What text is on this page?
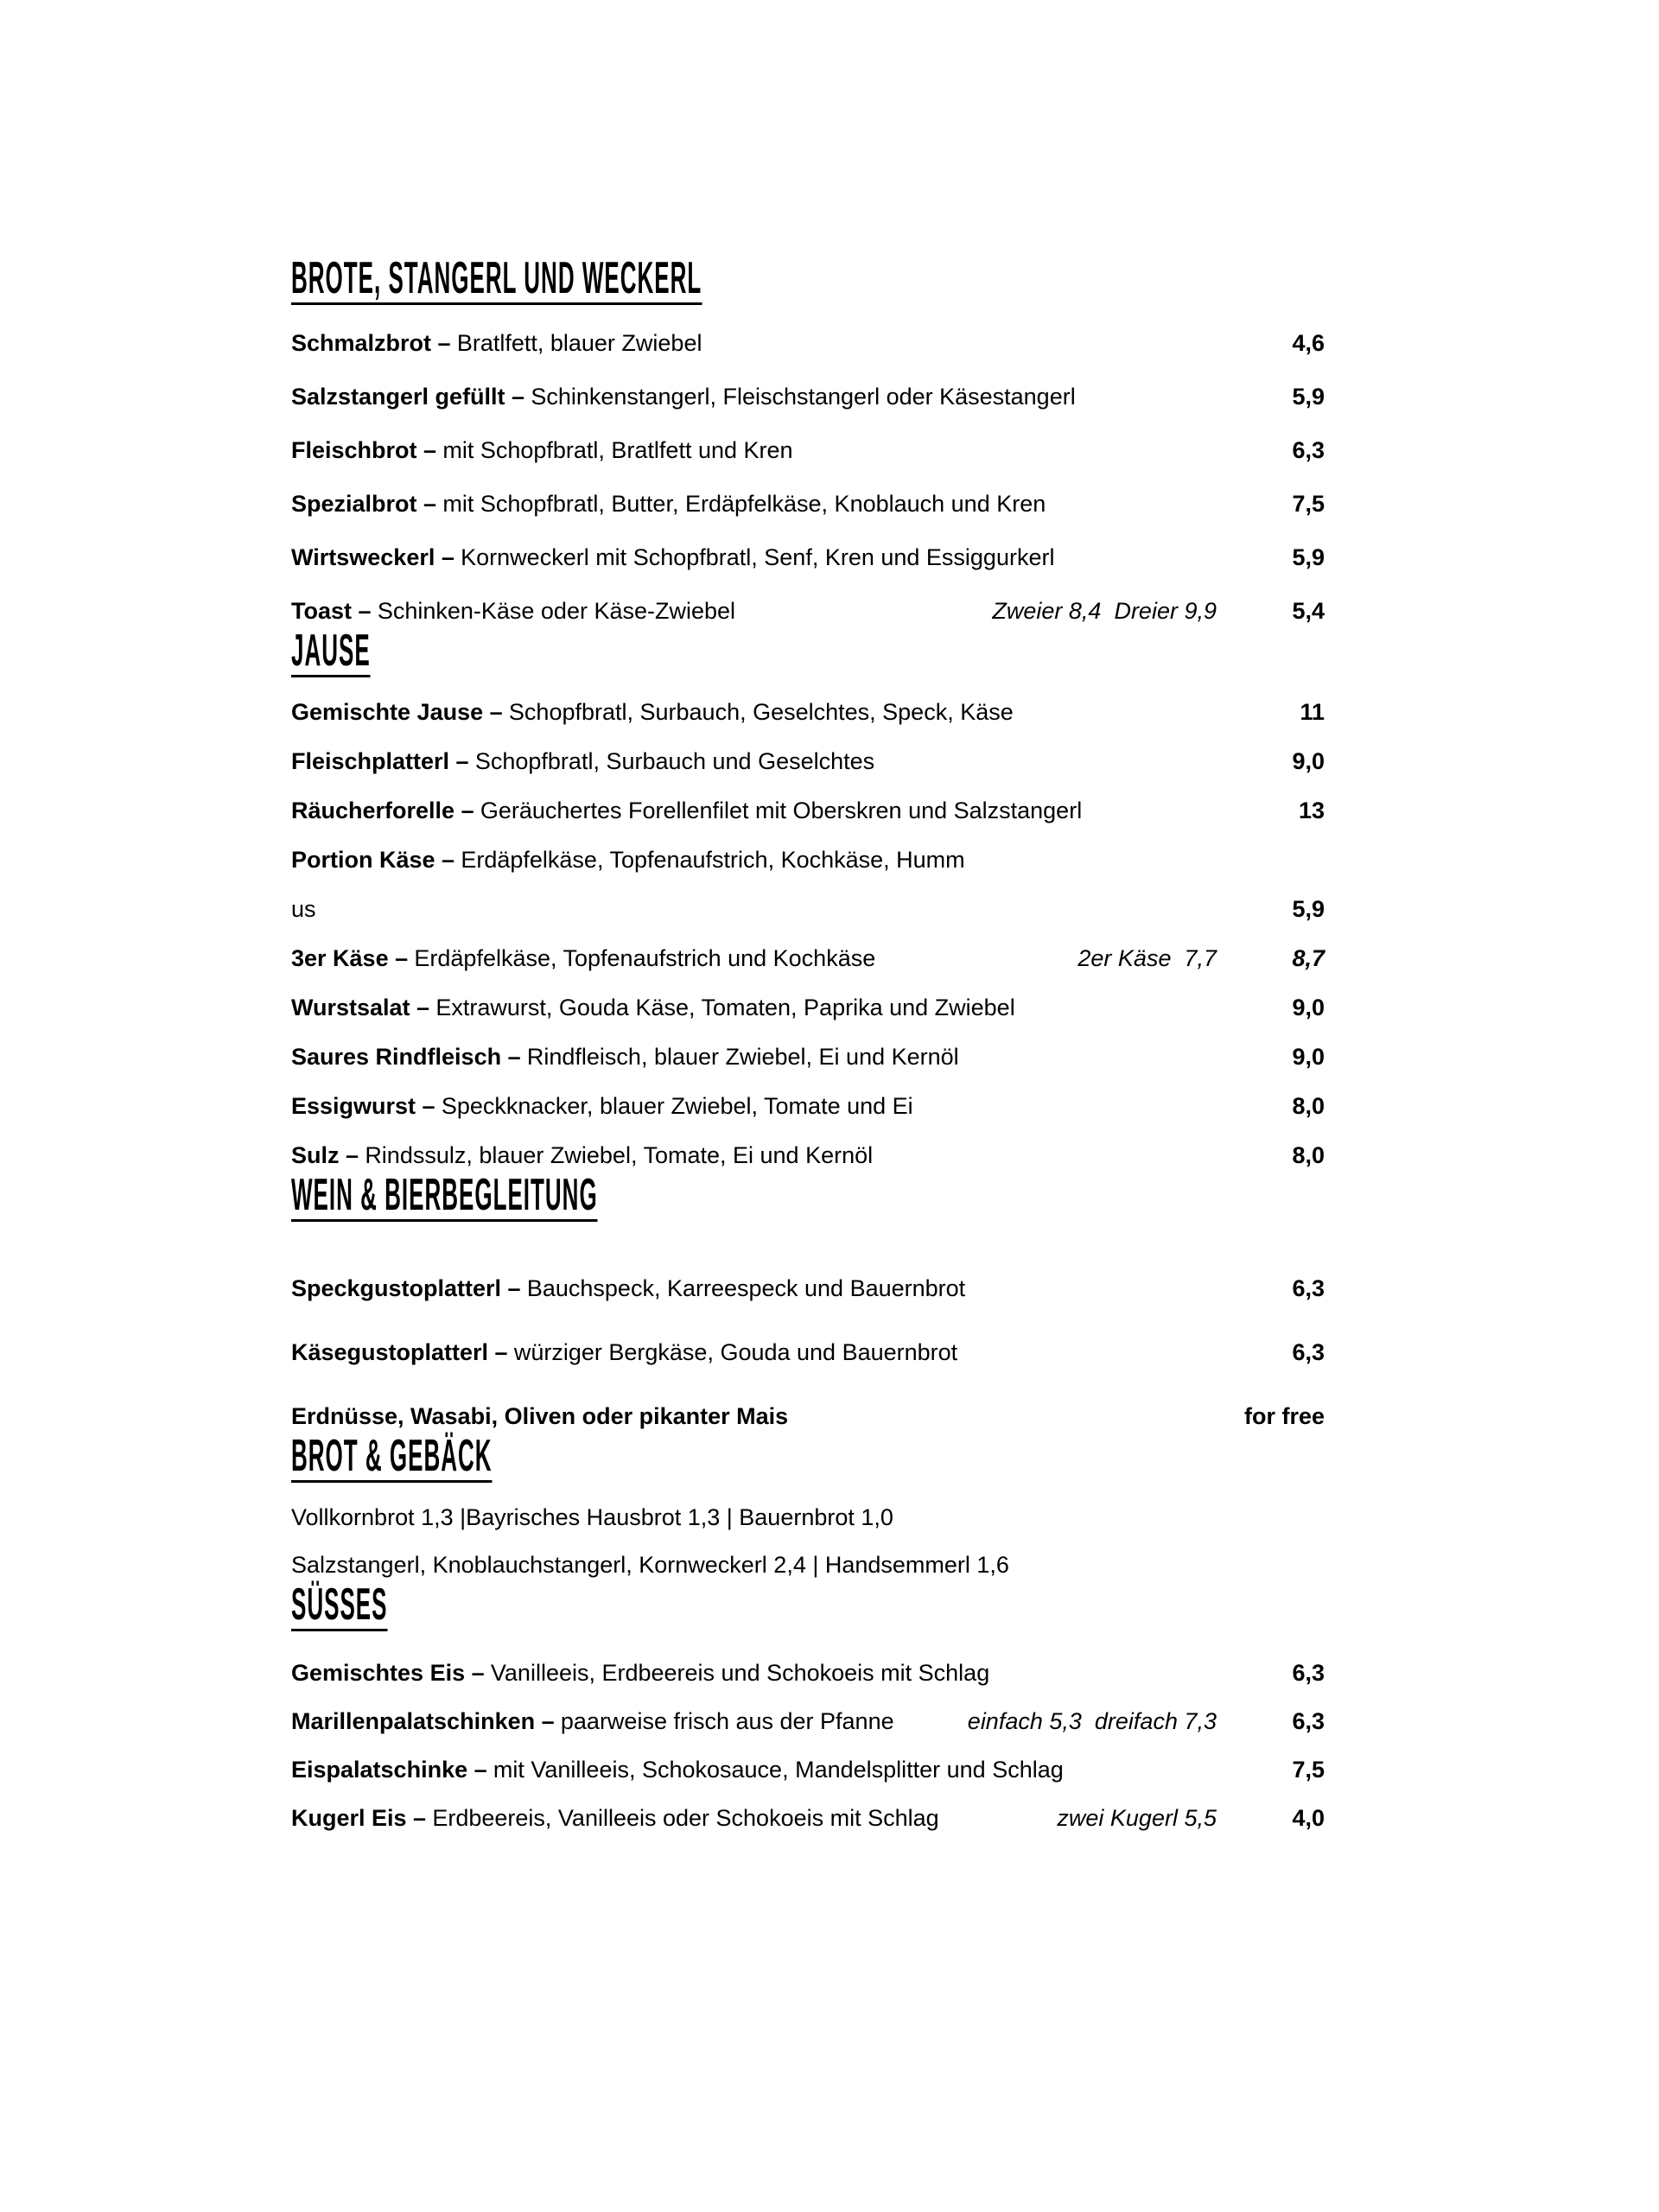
BROTE, STANGERL UND WECKERL
Schmalzbrot – Bratlfett, blauer Zwiebel	4,6
Salzstangerl gefüllt – Schinkenstangerl, Fleischstangerl oder Käsestangerl	5,9
Fleischbrot – mit Schopfbratl, Bratlfett und Kren	6,3
Spezialbrot – mit Schopfbratl, Butter, Erdäpfelkäse, Knoblauch und Kren	7,5
Wirtsweckerl – Kornweckerl mit Schopfbratl, Senf, Kren und Essiggurkerl	5,9
Toast – Schinken-Käse oder Käse-Zwiebel	Zweier 8,4  Dreier 9,9	5,4
JAUSE
Gemischte Jause – Schopfbratl, Surbauch, Geselchtes, Speck, Käse	11
Fleischplatterl – Schopfbratl, Surbauch und Geselchtes	9,0
Räucherforelle – Geräuchertes Forellenfilet mit Oberskren und Salzstangerl	13
Portion Käse – Erdäpfelkäse, Topfenaufstrich, Kochkäse, Humm
us	5,9
3er Käse – Erdäpfelkäse, Topfenaufstrich und Kochkäse	2er Käse  7,7	8,7
Wurstsalat – Extrawurst, Gouda Käse, Tomaten, Paprika und Zwiebel	9,0
Saures Rindfleisch – Rindfleisch, blauer Zwiebel, Ei und Kernöl	9,0
Essigwurst – Speckknacker, blauer Zwiebel, Tomate und Ei	8,0
Sulz – Rindssulz, blauer Zwiebel, Tomate, Ei und Kernöl	8,0
WEIN & BIERBEGLEITUNG
Speckgustoplatterl – Bauchspeck, Karreespeck und Bauernbrot	6,3
Käsegustoplatterl – würziger Bergkäse, Gouda und Bauernbrot	6,3
Erdnüsse, Wasabi, Oliven oder pikanter Mais	for free
BROT & GEBÄCK
Vollkornbrot 1,3 |Bayrisches Hausbrot 1,3 | Bauernbrot 1,0
Salzstangerl, Knoblauchstangerl, Kornweckerl 2,4 | Handsemmerl 1,6
SÜSSES
Gemischtes Eis – Vanilleeis, Erdbeereis und Schokoeis mit Schlag	6,3
Marillenpalatschinken – paarweise frisch aus der Pfanne	einfach 5,3  dreifach 7,3	6,3
Eispalatschinke – mit Vanilleeis, Schokosauce, Mandelsplitter und Schlag	7,5
Kugerl Eis – Erdbeereis, Vanilleeis oder Schokoeis mit Schlag	zwei Kugerl 5,5	4,0
